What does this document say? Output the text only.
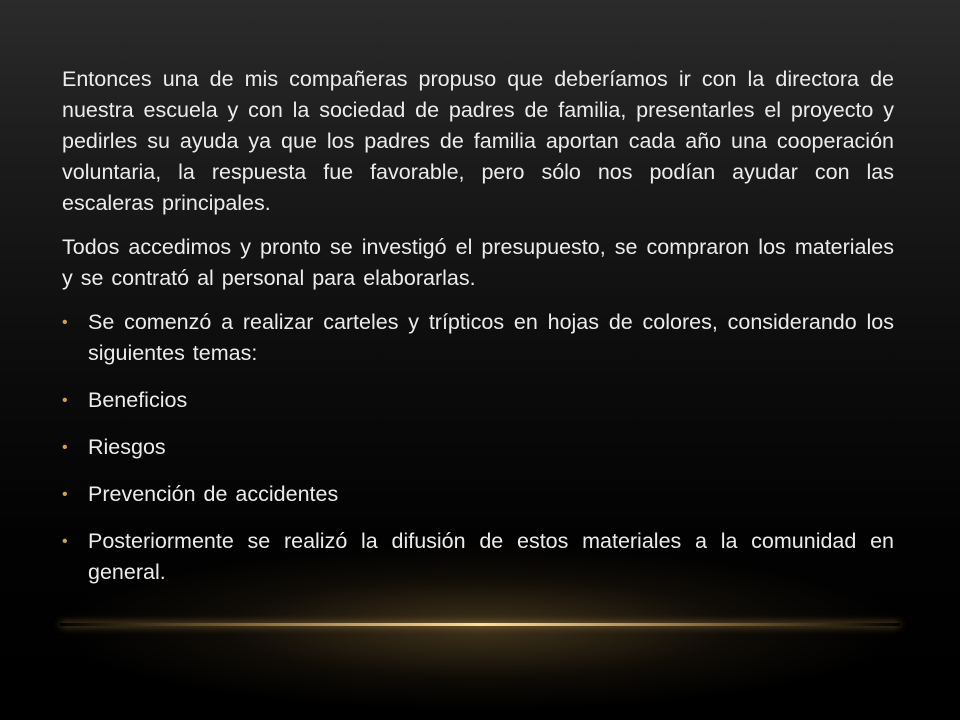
Entonces una de mis compañeras propuso que deberíamos ir con la directora de nuestra escuela y con la sociedad de padres de familia, presentarles el proyecto y pedirles su ayuda ya que los padres de familia aportan cada año una cooperación voluntaria, la respuesta fue favorable, pero sólo nos podían ayudar con las escaleras principales.

Todos accedimos y pronto se investigó el presupuesto, se compraron los materiales y se contrató al personal para elaborarlas.

• Se comenzó a realizar carteles y trípticos en hojas de colores, considerando los siguientes temas:
• Beneficios
• Riesgos
• Prevención de accidentes
• Posteriormente se realizó la difusión de estos materiales a la comunidad en general.
